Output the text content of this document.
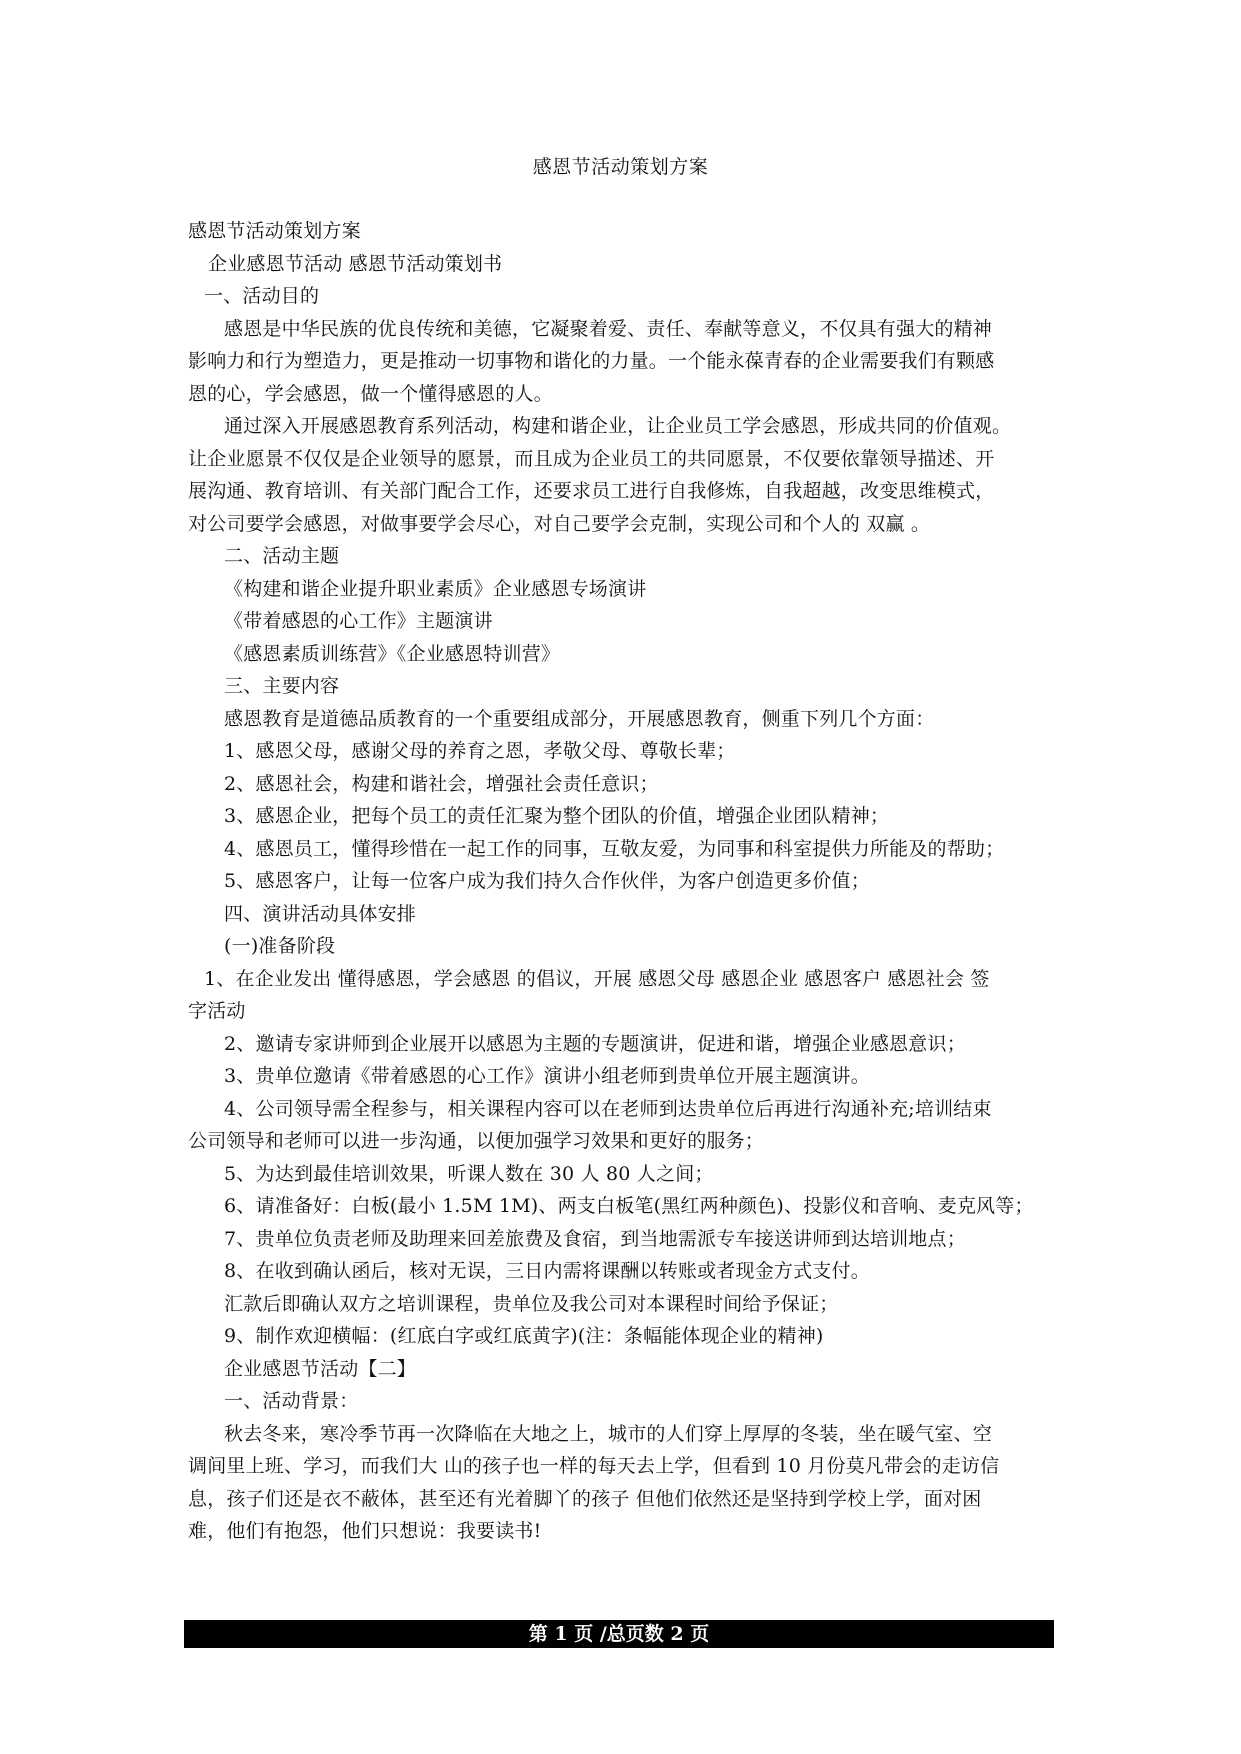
感恩节活动策划方案

感恩节活动策划方案

企业感恩节活动 感恩节活动策划书

一、活动目的

感恩是中华民族的优良传统和美德，它凝聚着爱、责任、奉献等意义，不仅具有强大的精神

影响力和行为塑造力，更是推动一切事物和谐化的力量。一个能永葆青春的企业需要我们有颗感

恩的心，学会感恩，做一个懂得感恩的人。

通过深入开展感恩教育系列活动，构建和谐企业，让企业员工学会感恩，形成共同的价值观。

让企业愿景不仅仅是企业领导的愿景，而且成为企业员工的共同愿景，不仅要依靠领导描述、开

展沟通、教育培训、有关部门配合工作，还要求员工进行自我修炼，自我超越，改变思维模式，

对公司要学会感恩，对做事要学会尽心，对自己要学会克制，实现公司和个人的 双赢 。

二、活动主题

《构建和谐企业提升职业素质》企业感恩专场演讲

《带着感恩的心工作》主题演讲

《感恩素质训练营》《企业感恩特训营》

三、主要内容

感恩教育是道德品质教育的一个重要组成部分，开展感恩教育，侧重下列几个方面：

1、感恩父母，感谢父母的养育之恩，孝敬父母、尊敬长辈；

2、感恩社会，构建和谐社会，增强社会责任意识；

3、感恩企业，把每个员工的责任汇聚为整个团队的价值，增强企业团队精神；

4、感恩员工，懂得珍惜在一起工作的同事，互敬友爱，为同事和科室提供力所能及的帮助；

5、感恩客户，让每一位客户成为我们持久合作伙伴，为客户创造更多价值；

四、演讲活动具体安排

(一)准备阶段

1、在企业发出 懂得感恩，学会感恩 的倡议，开展 感恩父母 感恩企业 感恩客户 感恩社会 签

字活动

2、邀请专家讲师到企业展开以感恩为主题的专题演讲，促进和谐，增强企业感恩意识；

3、贵单位邀请《带着感恩的心工作》演讲小组老师到贵单位开展主题演讲。

4、公司领导需全程参与，相关课程内容可以在老师到达贵单位后再进行沟通补充;培训结束

公司领导和老师可以进一步沟通，以便加强学习效果和更好的服务；

5、为达到最佳培训效果，听课人数在 30 人 80 人之间；

6、请准备好：白板(最小 1.5M 1M)、两支白板笔(黑红两种颜色)、投影仪和音响、麦克风等；

7、贵单位负责老师及助理来回差旅费及食宿，到当地需派专车接送讲师到达培训地点；

8、在收到确认函后，核对无误，三日内需将课酬以转账或者现金方式支付。

汇款后即确认双方之培训课程，贵单位及我公司对本课程时间给予保证；

9、制作欢迎横幅：(红底白字或红底黄字)(注：条幅能体现企业的精神)

企业感恩节活动【二】

一、活动背景：

秋去冬来，寒冷季节再一次降临在大地之上，城市的人们穿上厚厚的冬装，坐在暖气室、空

调间里上班、学习，而我们大 山的孩子也一样的每天去上学，但看到 10 月份莫凡带会的走访信

息，孩子们还是衣不蔽体，甚至还有光着脚丫的孩子 但他们依然还是坚持到学校上学，面对困

难，他们有抱怨，他们只想说：我要读书!

第 1 页 /总页数 2 页
